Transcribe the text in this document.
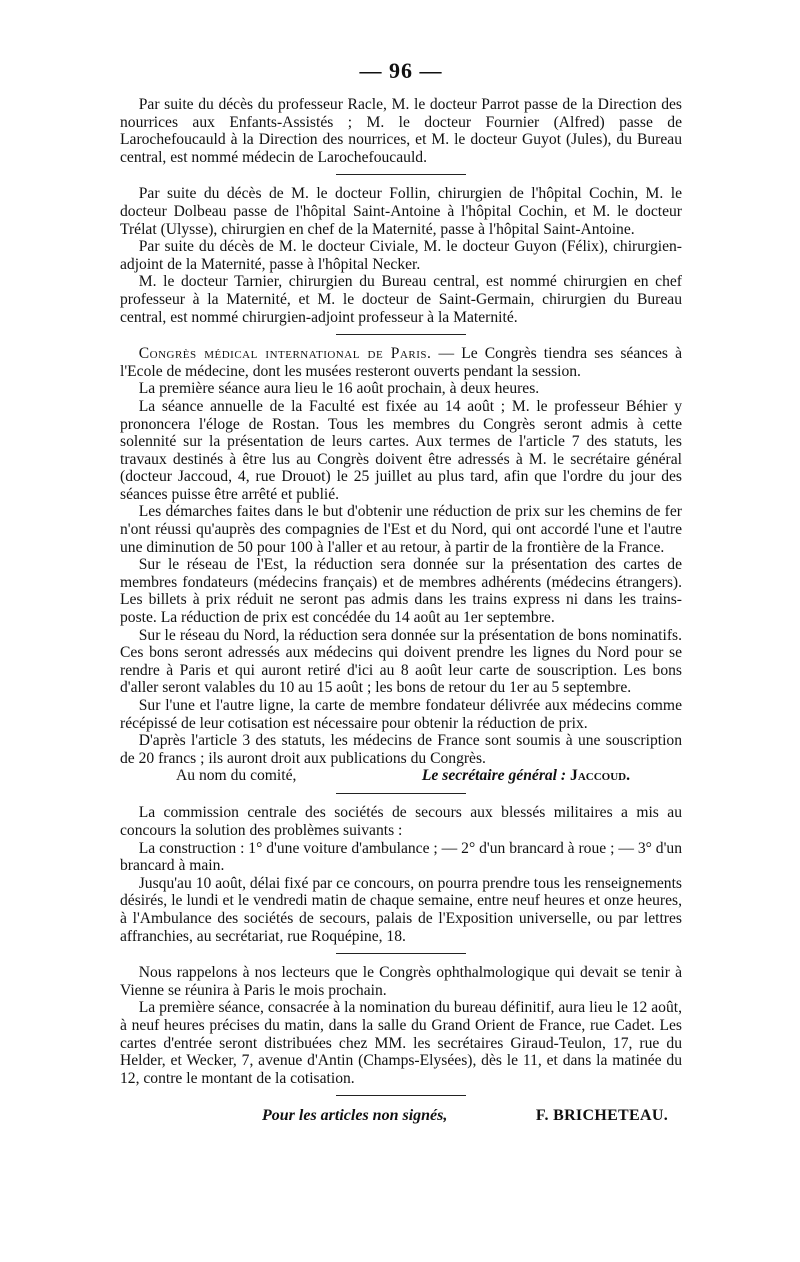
— 96 —

Par suite du décès du professeur Racle, M. le docteur Parrot passe de la Direction des nourrices aux Enfants-Assistés ; M. le docteur Fournier (Alfred) passe de Larochefoucauld à la Direction des nourrices, et M. le docteur Guyot (Jules), du Bureau central, est nommé médecin de Larochefoucauld.

Par suite du décès de M. le docteur Follin, chirurgien de l'hôpital Cochin, M. le docteur Dolbeau passe de l'hôpital Saint-Antoine à l'hôpital Cochin, et M. le docteur Trélat (Ulysse), chirurgien en chef de la Maternité, passe à l'hôpital Saint-Antoine.

Par suite du décès de M. le docteur Civiale, M. le docteur Guyon (Félix), chirurgien-adjoint de la Maternité, passe à l'hôpital Necker.

M. le docteur Tarnier, chirurgien du Bureau central, est nommé chirurgien en chef professeur à la Maternité, et M. le docteur de Saint-Germain, chirurgien du Bureau central, est nommé chirurgien-adjoint professeur à la Maternité.

Congrès médical international de Paris. — Le Congrès tiendra ses séances à l'Ecole de médecine, dont les musées resteront ouverts pendant la session.

La première séance aura lieu le 16 août prochain, à deux heures.

La séance annuelle de la Faculté est fixée au 14 août ; M. le professeur Béhier y prononcera l'éloge de Rostan. Tous les membres du Congrès seront admis à cette solennité sur la présentation de leurs cartes. Aux termes de l'article 7 des statuts, les travaux destinés à être lus au Congrès doivent être adressés à M. le secrétaire général (docteur Jaccoud, 4, rue Drouot) le 25 juillet au plus tard, afin que l'ordre du jour des séances puisse être arrêté et publié.

Les démarches faites dans le but d'obtenir une réduction de prix sur les chemins de fer n'ont réussi qu'auprès des compagnies de l'Est et du Nord, qui ont accordé l'une et l'autre une diminution de 50 pour 100 à l'aller et au retour, à partir de la frontière de la France.

Sur le réseau de l'Est, la réduction sera donnée sur la présentation des cartes de membres fondateurs (médecins français) et de membres adhérents (médecins étrangers). Les billets à prix réduit ne seront pas admis dans les trains express ni dans les trains-poste. La réduction de prix est concédée du 14 août au 1er septembre.

Sur le réseau du Nord, la réduction sera donnée sur la présentation de bons nominatifs. Ces bons seront adressés aux médecins qui doivent prendre les lignes du Nord pour se rendre à Paris et qui auront retiré d'ici au 8 août leur carte de souscription. Les bons d'aller seront valables du 10 au 15 août ; les bons de retour du 1er au 5 septembre.

Sur l'une et l'autre ligne, la carte de membre fondateur délivrée aux médecins comme récépissé de leur cotisation est nécessaire pour obtenir la réduction de prix.

D'après l'article 3 des statuts, les médecins de France sont soumis à une souscription de 20 francs ; ils auront droit aux publications du Congrès.

Au nom du comité,	Le secrétaire général : Jaccoud.

La commission centrale des sociétés de secours aux blessés militaires a mis au concours la solution des problèmes suivants :

La construction : 1° d'une voiture d'ambulance ; — 2° d'un brancard à roue ; — 3° d'un brancard à main.

Jusqu'au 10 août, délai fixé par ce concours, on pourra prendre tous les renseignements désirés, le lundi et le vendredi matin de chaque semaine, entre neuf heures et onze heures, à l'Ambulance des sociétés de secours, palais de l'Exposition universelle, ou par lettres affranchies, au secrétariat, rue Roquépine, 18.

Nous rappelons à nos lecteurs que le Congrès ophthalmologique qui devait se tenir à Vienne se réunira à Paris le mois prochain.

La première séance, consacrée à la nomination du bureau définitif, aura lieu le 12 août, à neuf heures précises du matin, dans la salle du Grand Orient de France, rue Cadet. Les cartes d'entrée seront distribuées chez MM. les secrétaires Giraud-Teulon, 17, rue du Helder, et Wecker, 7, avenue d'Antin (Champs-Elysées), dès le 11, et dans la matinée du 12, contre le montant de la cotisation.

Pour les articles non signés,	F. BRICHETEAU.
